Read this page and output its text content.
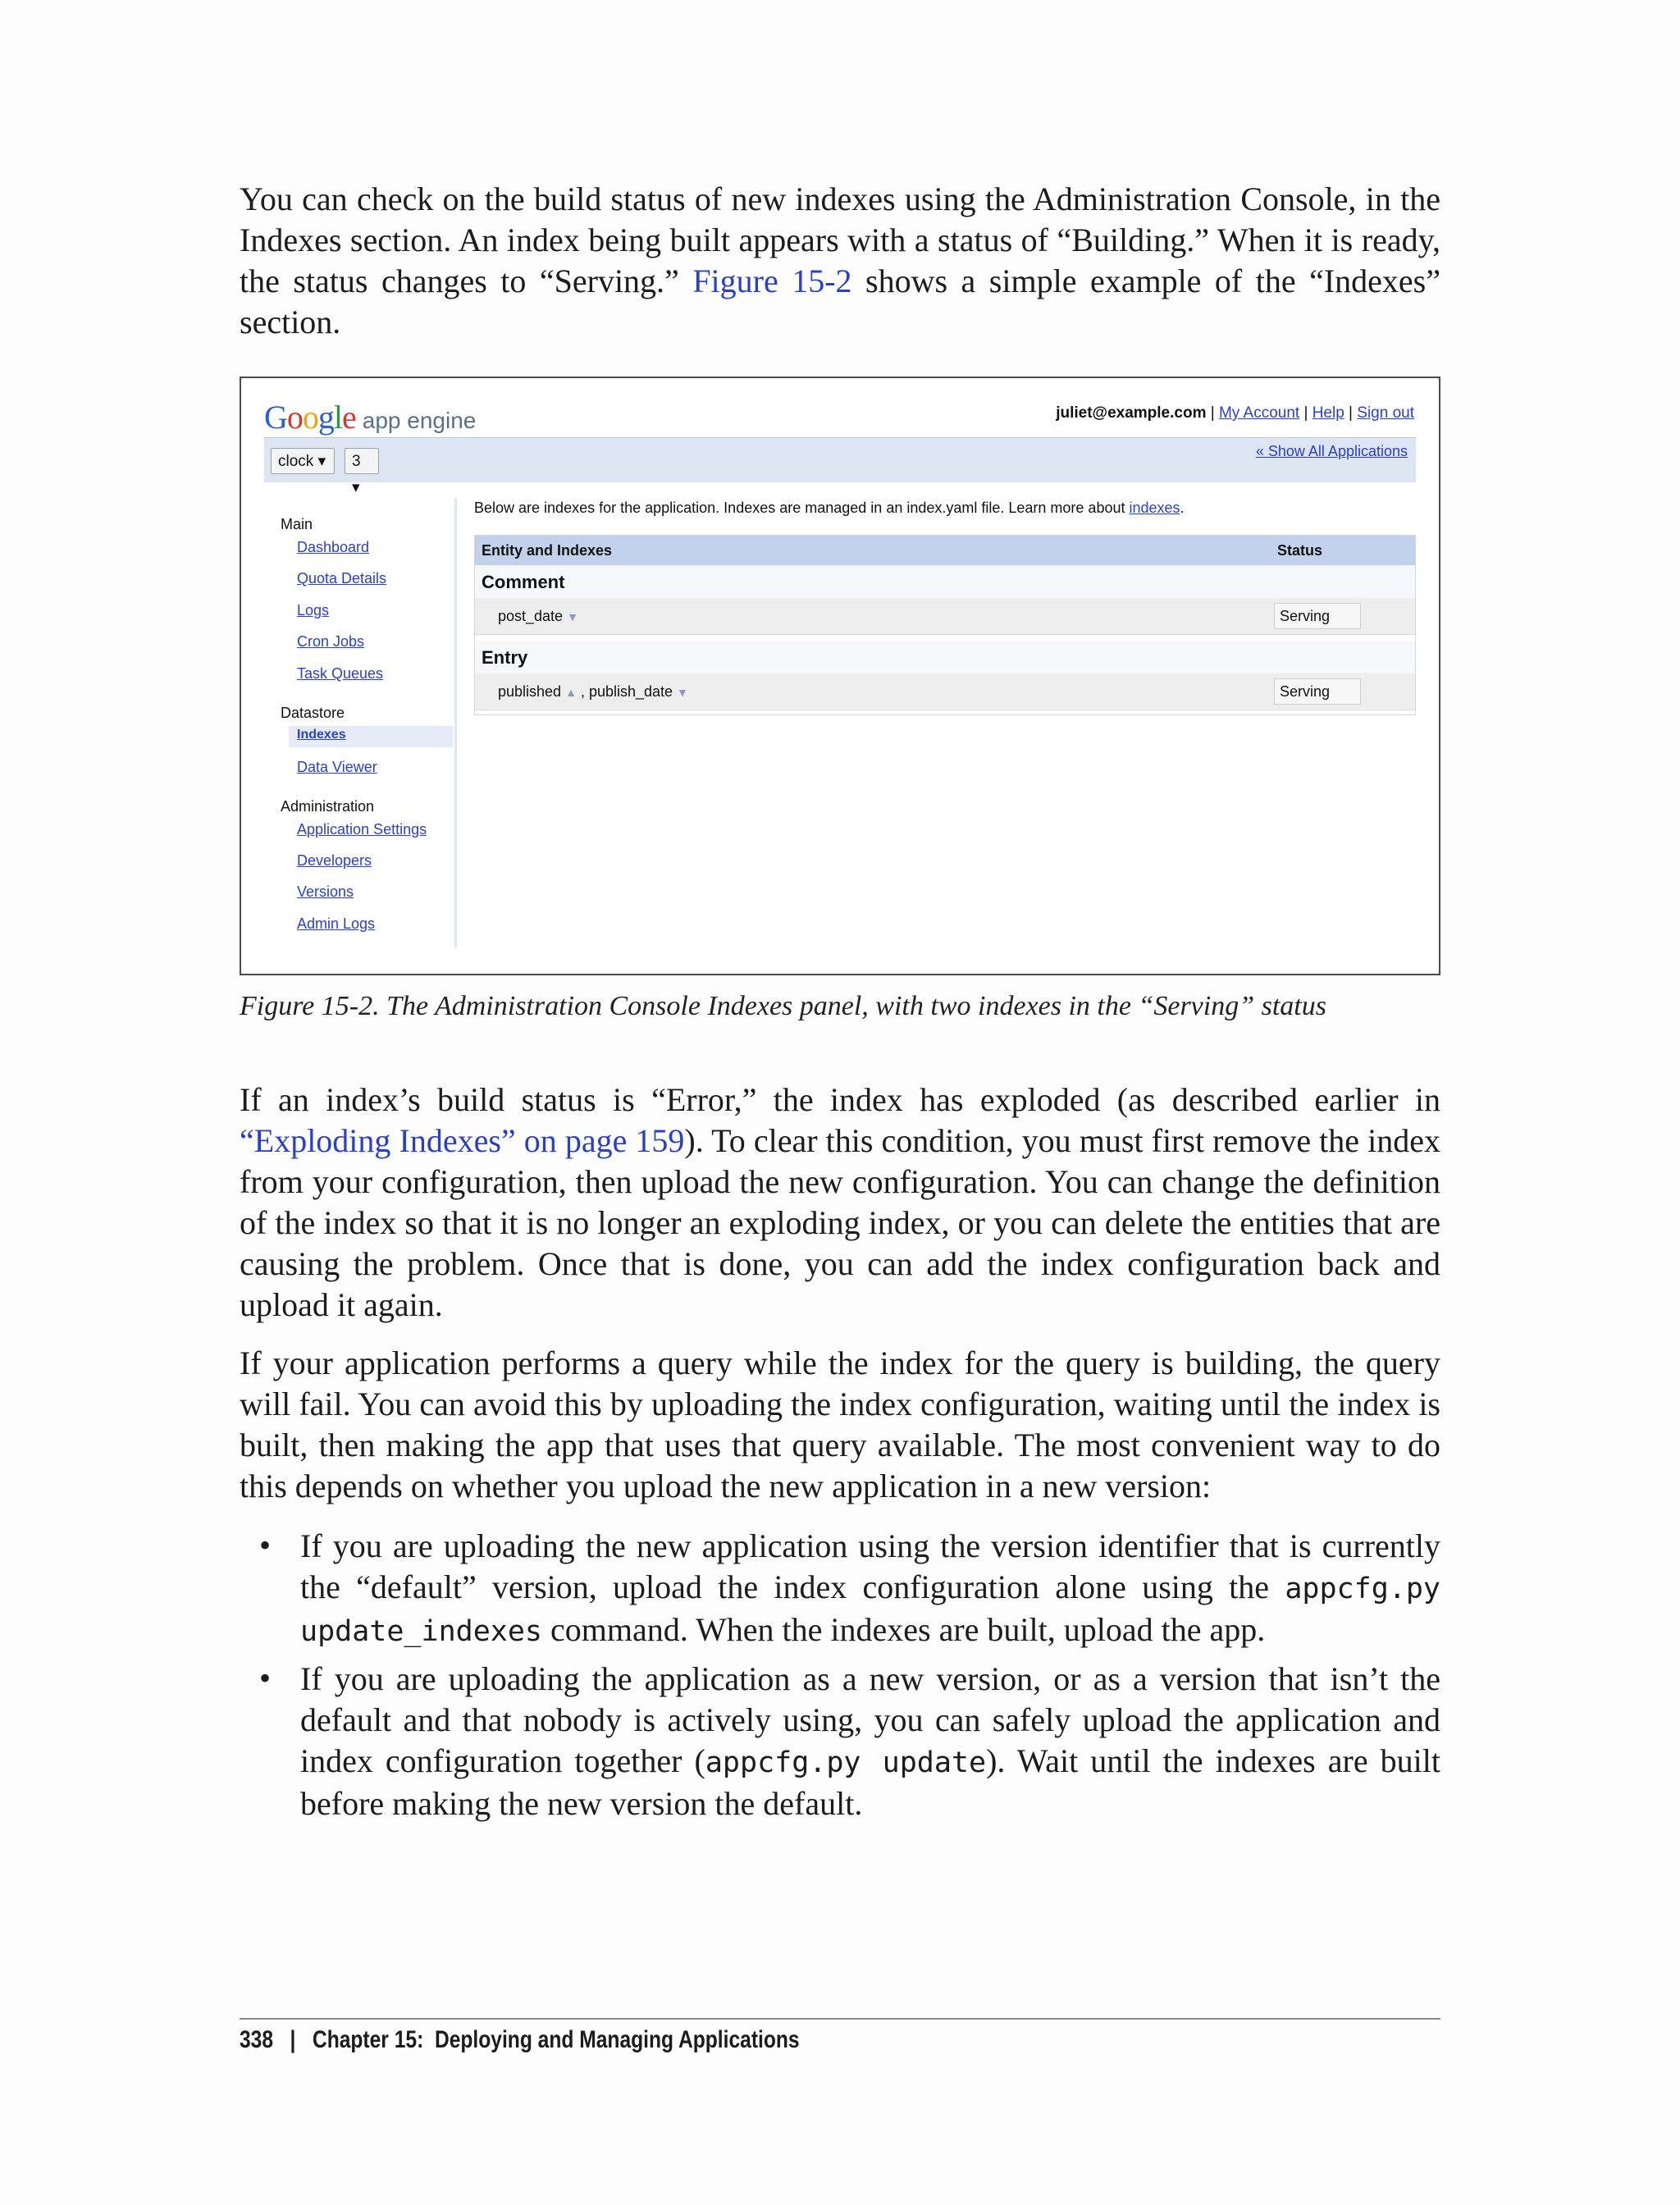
You can check on the build status of new indexes using the Administration Console, in the Indexes section. An index being built appears with a status of “Building.” When it is ready, the status changes to “Serving.” Figure 15-2 shows a simple example of the “Indexes” section.

Google app engine	juliet@example.com | My Account | Help | Sign out
clock ▾	3 ▾
« Show All Applications
Main
Dashboard
Quota Details
Logs
Cron Jobs
Task Queues
Datastore
Indexes
Data Viewer
Administration
Application Settings
Developers
Versions
Admin Logs
Below are indexes for the application. Indexes are managed in an index.yaml file. Learn more about indexes.
Entity and Indexes	Status
Comment
post_date ▼	Serving
Entry
published ▲ , publish_date ▼	Serving
Figure 15-2. The Administration Console Indexes panel, with two indexes in the “Serving” status

If an index’s build status is “Error,” the index has exploded (as described earlier in “Exploding Indexes” on page 159). To clear this condition, you must first remove the index from your configuration, then upload the new configuration. You can change the definition of the index so that it is no longer an exploding index, or you can delete the entities that are causing the problem. Once that is done, you can add the index configuration back and upload it again.

If your application performs a query while the index for the query is building, the query will fail. You can avoid this by uploading the index configuration, waiting until the index is built, then making the app that uses that query available. The most convenient way to do this depends on whether you upload the new application in a new version:

• If you are uploading the new application using the version identifier that is currently the “default” version, upload the index configuration alone using the appcfg.py update_indexes command. When the indexes are built, upload the app.

• If you are uploading the application as a new version, or as a version that isn’t the default and that nobody is actively using, you can safely upload the application and index configuration together (appcfg.py update). Wait until the indexes are built before making the new version the default.

338   |   Chapter 15:  Deploying and Managing Applications
